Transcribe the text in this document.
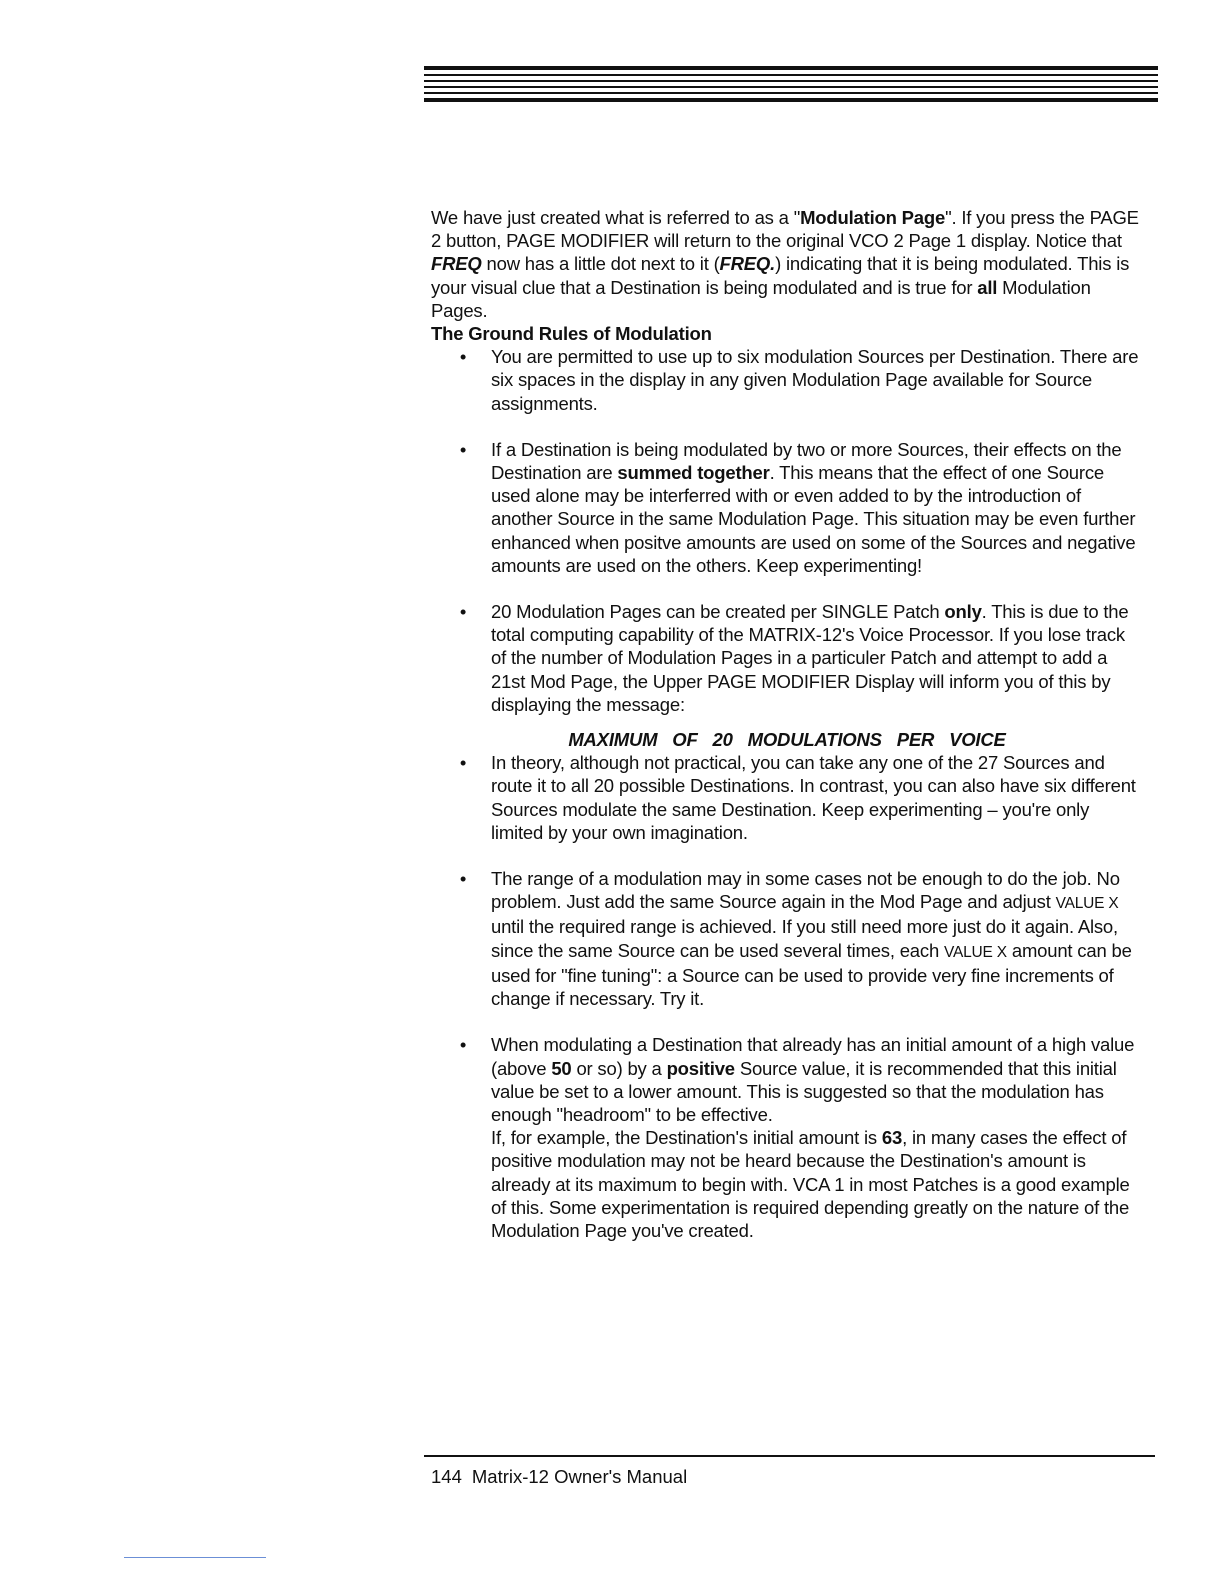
We have just created what is referred to as a "Modulation Page". If you press the PAGE 2 button, PAGE MODIFIER will return to the original VCO 2 Page 1 display. Notice that FREQ now has a little dot next to it (FREQ.) indicating that it is being modulated. This is your visual clue that a Destination is being modulated and is true for all Modulation Pages.

The Ground Rules of Modulation

• You are permitted to use up to six modulation Sources per Destination. There are six spaces in the display in any given Modulation Page available for Source assignments.
• If a Destination is being modulated by two or more Sources, their effects on the Destination are summed together. This means that the effect of one Source used alone may be interferred with or even added to by the introduction of another Source in the same Modulation Page. This situation may be even further enhanced when positve amounts are used on some of the Sources and negative amounts are used on the others. Keep experimenting!
• 20 Modulation Pages can be created per SINGLE Patch only. This is due to the total computing capability of the MATRIX-12's Voice Processor. If you lose track of the number of Modulation Pages in a particuler Patch and attempt to add a 21st Mod Page, the Upper PAGE MODIFIER Display will inform you of this by displaying the message:

MAXIMUM OF 20 MODULATIONS PER VOICE

• In theory, although not practical, you can take any one of the 27 Sources and route it to all 20 possible Destinations. In contrast, you can also have six different Sources modulate the same Destination. Keep experimenting – you're only limited by your own imagination.
• The range of a modulation may in some cases not be enough to do the job. No problem. Just add the same Source again in the Mod Page and adjust VALUE X until the required range is achieved. If you still need more just do it again. Also, since the same Source can be used several times, each VALUE X amount can be used for "fine tuning": a Source can be used to provide very fine increments of change if necessary. Try it.
• When modulating a Destination that already has an initial amount of a high value (above 50 or so) by a positive Source value, it is recommended that this initial value be set to a lower amount. This is suggested so that the modulation has enough "headroom" to be effective.

If, for example, the Destination's initial amount is 63, in many cases the effect of positive modulation may not be heard because the Destination's amount is already at its maximum to begin with. VCA 1 in most Patches is a good example of this. Some experimentation is required depending greatly on the nature of the Modulation Page you've created.

144 Matrix-12 Owner's Manual
